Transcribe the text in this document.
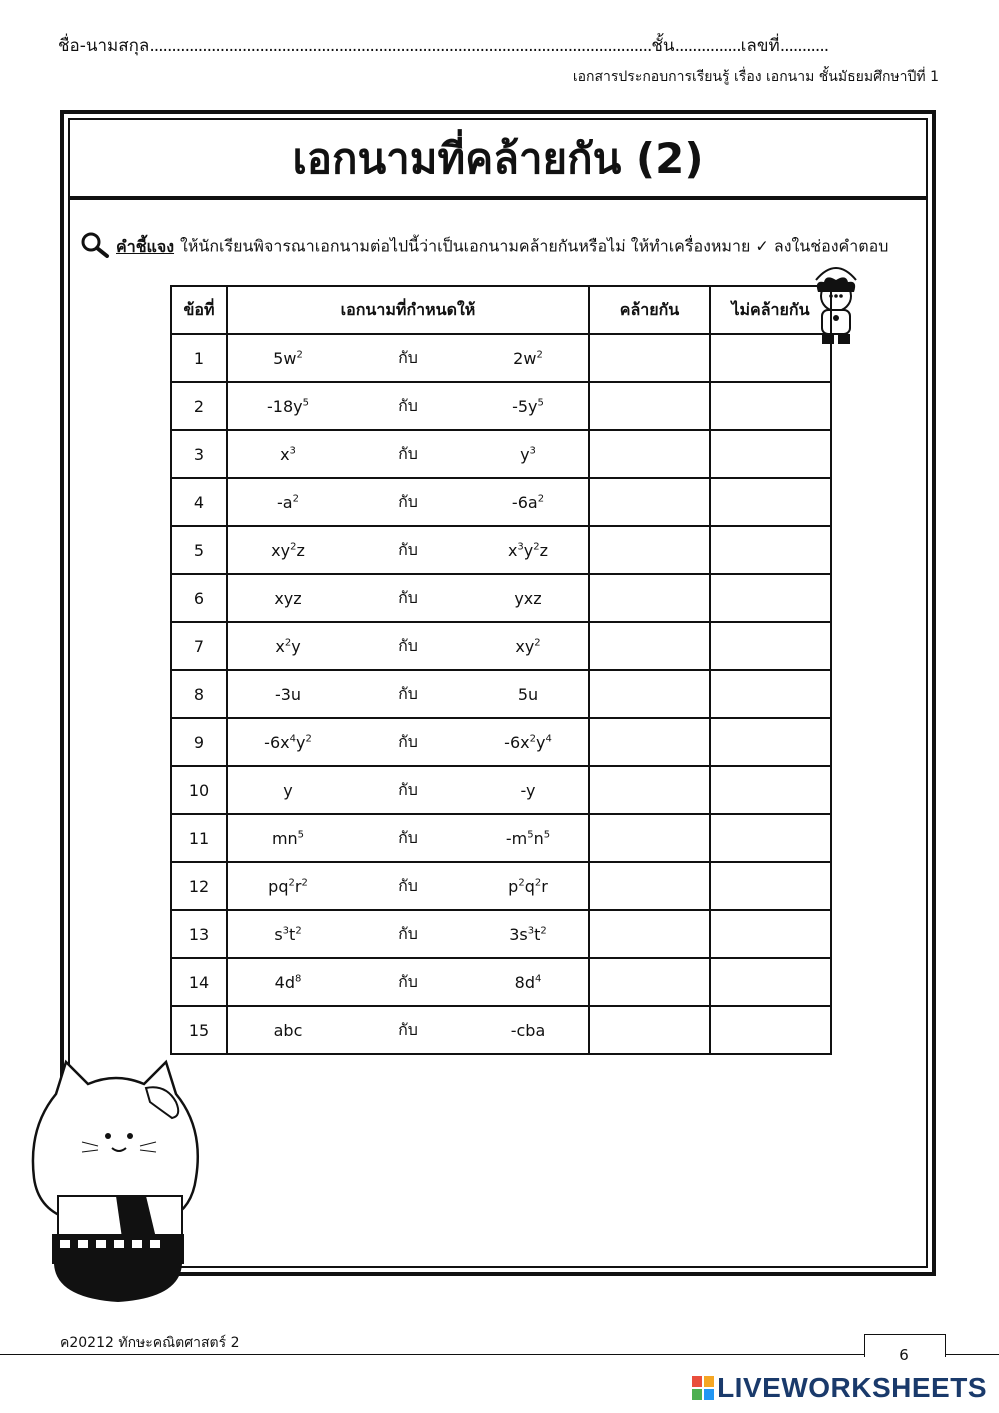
ชื่อ-นามสกุล..................................................................................................................ชั้น...............เลขที่...........
เอกสารประกอบการเรียนรู้ เรื่อง เอกนาม ชั้นมัธยมศึกษาปีที่ 1
เอกนามที่คล้ายกัน (2)
คำชี้แจง ให้นักเรียนพิจารณาเอกนามต่อไปนี้ว่าเป็นเอกนามคล้ายกันหรือไม่ ให้ทำเครื่องหมาย ✓ ลงในช่องคำตอบ
ข้อที่	เอกนามที่กำหนดให้	คล้ายกัน	ไม่คล้ายกัน
1	$5w^2$ กับ $2w^2$

2	$-18y^5$ กับ $-5y^5$

3	$x^3$ กับ $y^3$

4	$-a^2$ กับ $-6a^2$

5	$xy^2z$ กับ $x^3y^2z$		

6	xyz กับ yxz		

7	$x^2y$ กับ $xy^2$

8	-3u กับ 5u		

9	$-6x^4y^2$ กับ $-6x^2y^4$

10	y กับ -y		

11	$mn^5$ กับ $-m^5n^5$

12	$pq^2r^2$ กับ $p^2q^2r$		

13	$s^3t^2$ กับ $3s^3t^2$

14	$4d^8$ กับ $8d^4$

15	abc กับ -cba		

ค20212 ทักษะคณิตศาสตร์ 2
6
LIVEWORKSHEETS
